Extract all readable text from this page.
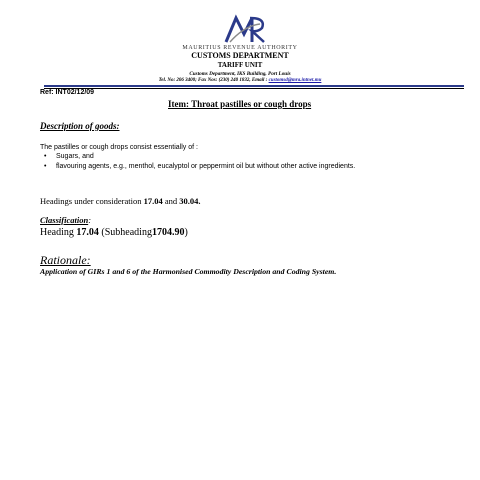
MAURITIUS REVENUE AUTHORITY
CUSTOMS DEPARTMENT
TARIFF UNIT
Customs Department, IKS Building, Port Louis
Tel. No: 206 3400; Fax Nos: (230) 240 1832, Email : customsd@mra.intnet.mu
Ref: INT02/12/09
Item: Throat pastilles or cough drops
Description of goods:
The pastilles or cough drops consist essentially of :
• Sugars, and
• flavouring agents, e.g., menthol, eucalyptol or peppermint oil but without other active ingredients.
Headings under consideration 17.04 and 30.04.
Classification:
Heading 17.04 (Subheading1704.90)
Rationale:
Application of GIRs 1 and 6 of the Harmonised Commodity Description and Coding System.
